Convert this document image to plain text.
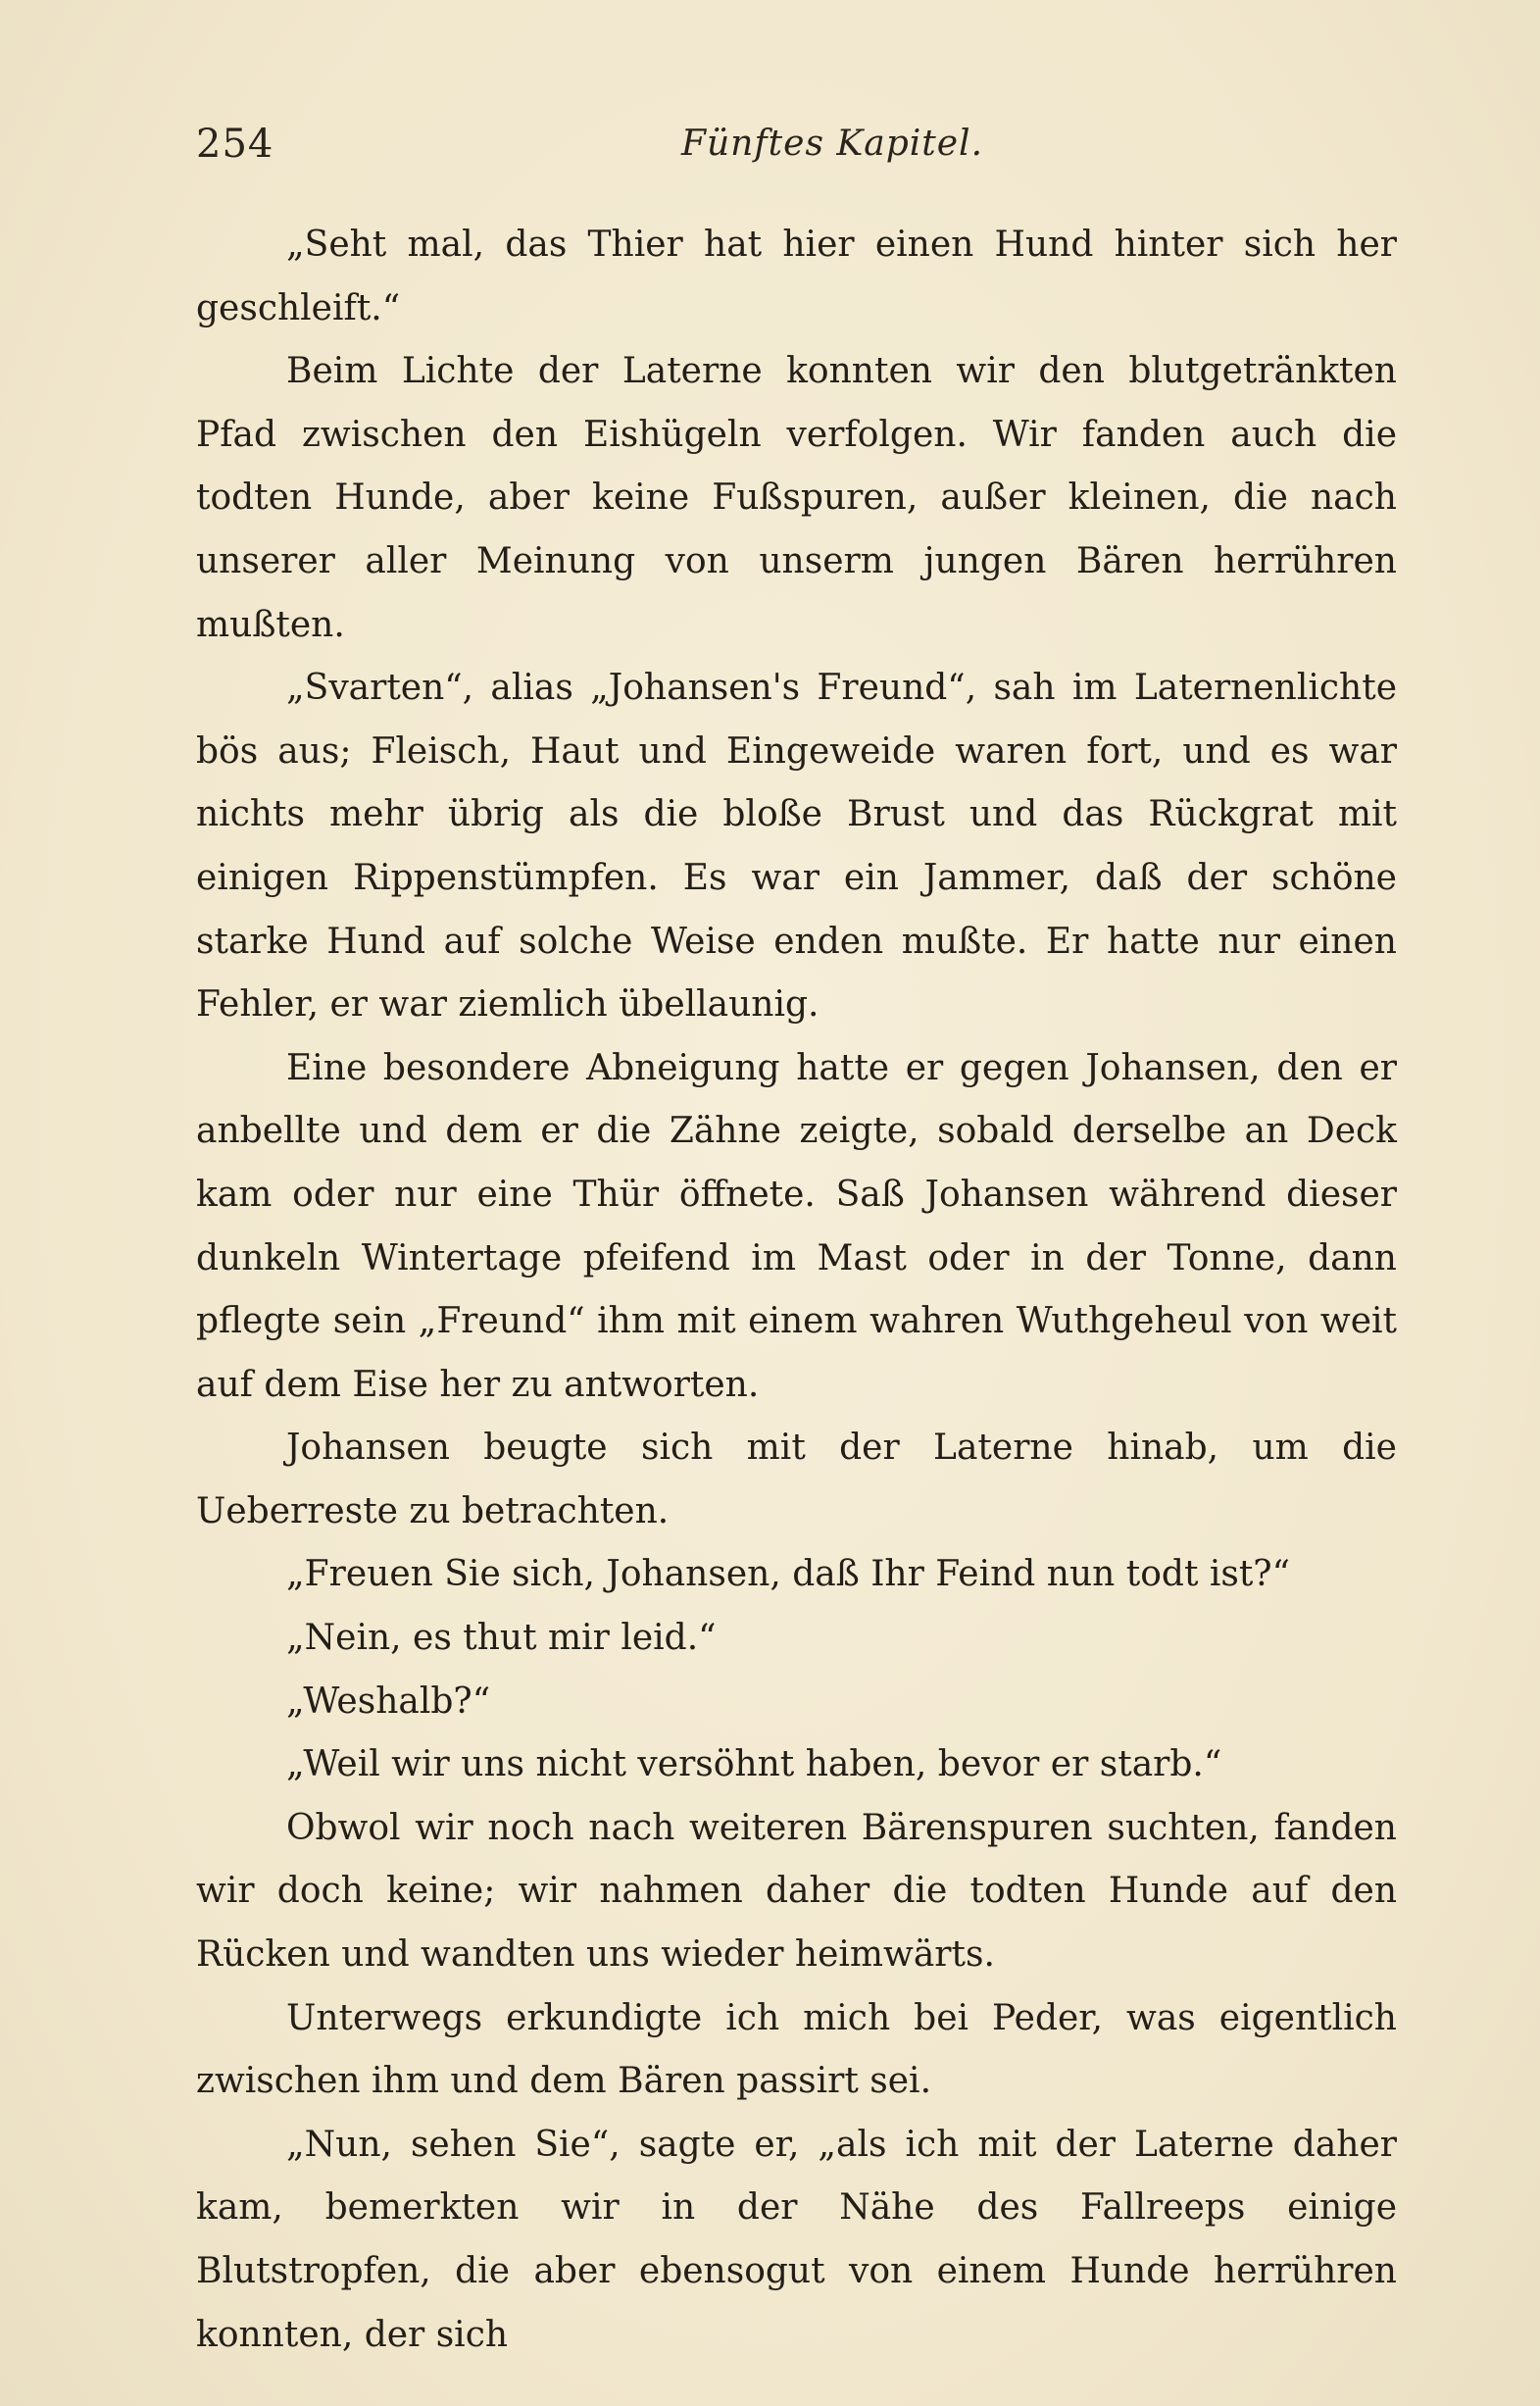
254	Fünftes Kapitel.

„Seht mal, das Thier hat hier einen Hund hinter sich her geschleift.“

Beim Lichte der Laterne konnten wir den blutgetränkten Pfad zwischen den Eishügeln verfolgen. Wir fanden auch die todten Hunde, aber keine Fußspuren, außer kleinen, die nach unserer aller Meinung von unserm jungen Bären herrühren mußten.

„Svarten“, alias „Johansen's Freund“, sah im Laternenlichte bös aus; Fleisch, Haut und Eingeweide waren fort, und es war nichts mehr übrig als die bloße Brust und das Rückgrat mit einigen Rippenstümpfen. Es war ein Jammer, daß der schöne starke Hund auf solche Weise enden mußte. Er hatte nur einen Fehler, er war ziemlich übellaunig.

Eine besondere Abneigung hatte er gegen Johansen, den er anbellte und dem er die Zähne zeigte, sobald derselbe an Deck kam oder nur eine Thür öffnete. Saß Johansen während dieser dunkeln Wintertage pfeifend im Mast oder in der Tonne, dann pflegte sein „Freund“ ihm mit einem wahren Wuthgeheul von weit auf dem Eise her zu antworten.

Johansen beugte sich mit der Laterne hinab, um die Ueberreste zu betrachten.

„Freuen Sie sich, Johansen, daß Ihr Feind nun todt ist?“

„Nein, es thut mir leid.“

„Weshalb?“

„Weil wir uns nicht versöhnt haben, bevor er starb.“

Obwol wir noch nach weiteren Bärenspuren suchten, fanden wir doch keine; wir nahmen daher die todten Hunde auf den Rücken und wandten uns wieder heimwärts.

Unterwegs erkundigte ich mich bei Peder, was eigentlich zwischen ihm und dem Bären passirt sei.

„Nun, sehen Sie“, sagte er, „als ich mit der Laterne daher kam, bemerkten wir in der Nähe des Fallreeps einige Blutstropfen, die aber ebensogut von einem Hunde herrühren konnten, der sich
